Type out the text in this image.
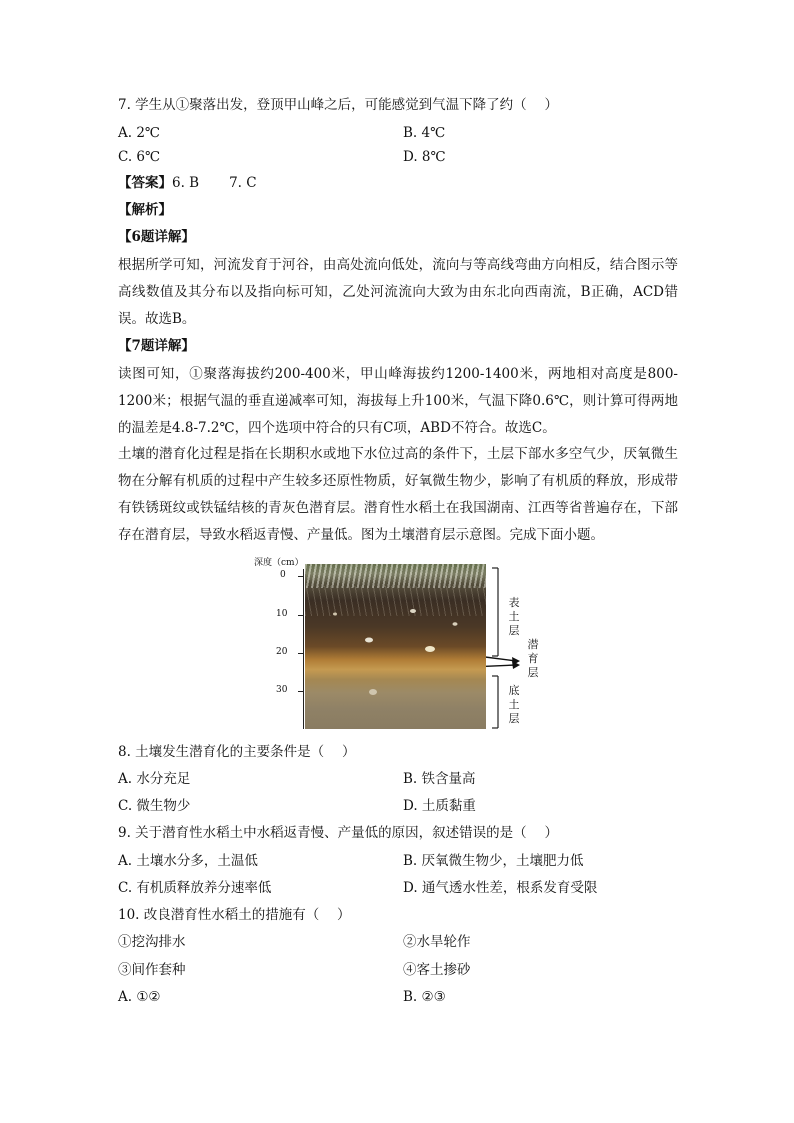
7. 学生从①聚落出发，登顶甲山峰之后，可能感觉到气温下降了约（　 ）
A. 2℃	B. 4℃
C. 6℃	D. 8℃
【答案】6. B 7. C
【解析】
【6题详解】
根据所学可知，河流发育于河谷，由高处流向低处，流向与等高线弯曲方向相反，结合图示等高线数值及其分布以及指向标可知，乙处河流流向大致为由东北向西南流，B正确，ACD错误。故选B。
【7题详解】
读图可知，①聚落海拔约200-400米，甲山峰海拔约1200-1400米，两地相对高度是800-1200米；根据气温的垂直递减率可知，海拔每上升100米，气温下降0.6℃，则计算可得两地的温差是4.8-7.2℃，四个选项中符合的只有C项，ABD不符合。故选C。
土壤的潜育化过程是指在长期积水或地下水位过高的条件下，土层下部水多空气少，厌氧微生物在分解有机质的过程中产生较多还原性物质，好氧微生物少，影响了有机质的释放，形成带有铁锈斑纹或铁锰结核的青灰色潜育层。潜育性水稻土在我国湖南、江西等省普遍存在，下部存在潜育层，导致水稻返青慢、产量低。图为土壤潜育层示意图。完成下面小题。
深度（cm）
0
10
20
30
表土层
潜育层
底土层
8. 土壤发生潜育化的主要条件是（　 ）
A. 水分充足	B. 铁含量高
C. 微生物少	D. 土质黏重
9. 关于潜育性水稻土中水稻返青慢、产量低的原因，叙述错误的是（　 ）
A. 土壤水分多，土温低	B. 厌氧微生物少，土壤肥力低
C. 有机质释放养分速率低	D. 通气透水性差，根系发育受限
10. 改良潜育性水稻土的措施有（　 ）
①挖沟排水	②水旱轮作
③间作套种	④客土掺砂
A. ①②	B. ②③
